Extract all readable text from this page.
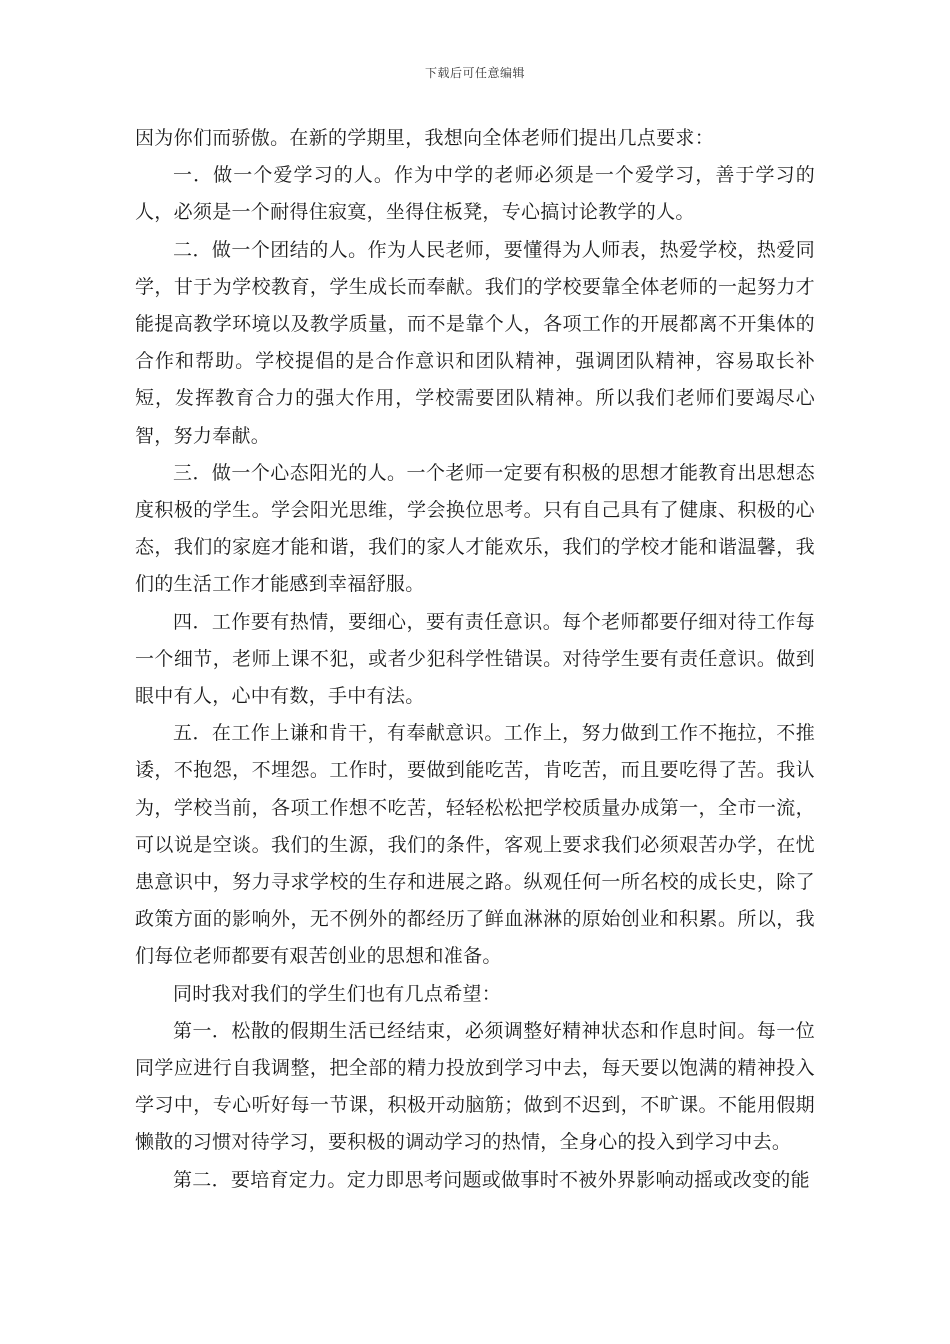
下载后可任意编辑

因为你们而骄傲。在新的学期里，我想向全体老师们提出几点要求：

一．做一个爱学习的人。作为中学的老师必须是一个爱学习，善于学习的人，必须是一个耐得住寂寞，坐得住板凳，专心搞讨论教学的人。

二．做一个团结的人。作为人民老师，要懂得为人师表，热爱学校，热爱同学，甘于为学校教育，学生成长而奉献。我们的学校要靠全体老师的一起努力才能提高教学环境以及教学质量，而不是靠个人，各项工作的开展都离不开集体的合作和帮助。学校提倡的是合作意识和团队精神，强调团队精神，容易取长补短，发挥教育合力的强大作用，学校需要团队精神。所以我们老师们要竭尽心智，努力奉献。

三．做一个心态阳光的人。一个老师一定要有积极的思想才能教育出思想态度积极的学生。学会阳光思维，学会换位思考。只有自己具有了健康、积极的心态，我们的家庭才能和谐，我们的家人才能欢乐，我们的学校才能和谐温馨，我们的生活工作才能感到幸福舒服。

四．工作要有热情，要细心，要有责任意识。每个老师都要仔细对待工作每一个细节，老师上课不犯，或者少犯科学性错误。对待学生要有责任意识。做到眼中有人，心中有数，手中有法。

五．在工作上谦和肯干，有奉献意识。工作上，努力做到工作不拖拉，不推诿，不抱怨，不埋怨。工作时，要做到能吃苦，肯吃苦，而且要吃得了苦。我认为，学校当前，各项工作想不吃苦，轻轻松松把学校质量办成第一，全市一流，可以说是空谈。我们的生源，我们的条件，客观上要求我们必须艰苦办学，在忧患意识中，努力寻求学校的生存和进展之路。纵观任何一所名校的成长史，除了政策方面的影响外，无不例外的都经历了鲜血淋淋的原始创业和积累。所以，我们每位老师都要有艰苦创业的思想和准备。

同时我对我们的学生们也有几点希望：

第一．松散的假期生活已经结束，必须调整好精神状态和作息时间。每一位同学应进行自我调整，把全部的精力投放到学习中去，每天要以饱满的精神投入学习中，专心听好每一节课，积极开动脑筋；做到不迟到，不旷课。不能用假期懒散的习惯对待学习，要积极的调动学习的热情，全身心的投入到学习中去。

第二．要培育定力。定力即思考问题或做事时不被外界影响动摇或改变的能
